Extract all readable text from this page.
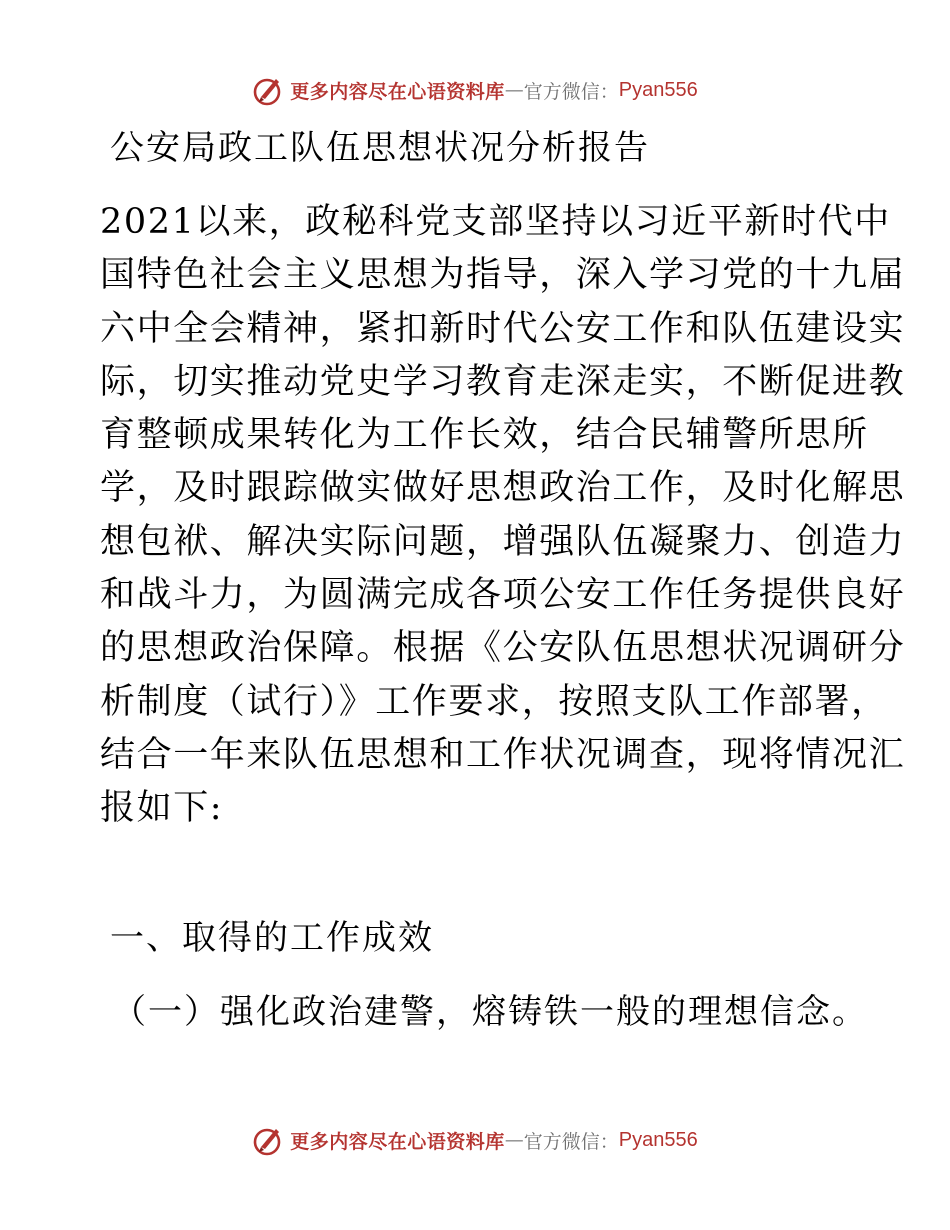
更多内容尽在心语资料库 — 官方微信： Pyan556
公安局政工队伍思想状况分析报告
2021以来，政秘科党支部坚持以习近平新时代中
国特色社会主义思想为指导，深入学习党的十九届
六中全会精神，紧扣新时代公安工作和队伍建设实
际，切实推动党史学习教育走深走实，不断促进教
育整顿成果转化为工作长效，结合民辅警所思所
学，及时跟踪做实做好思想政治工作，及时化解思
想包袱、解决实际问题，增强队伍凝聚力、创造力
和战斗力，为圆满完成各项公安工作任务提供良好
的思想政治保障。根据《公安队伍思想状况调研分
析制度（试行）》工作要求，按照支队工作部署，
结合一年来队伍思想和工作状况调查，现将情况汇
报如下:
一、取得的工作成效
（一）强化政治建警，熔铸铁一般的理想信念。
更多内容尽在心语资料库 — 官方微信： Pyan556
